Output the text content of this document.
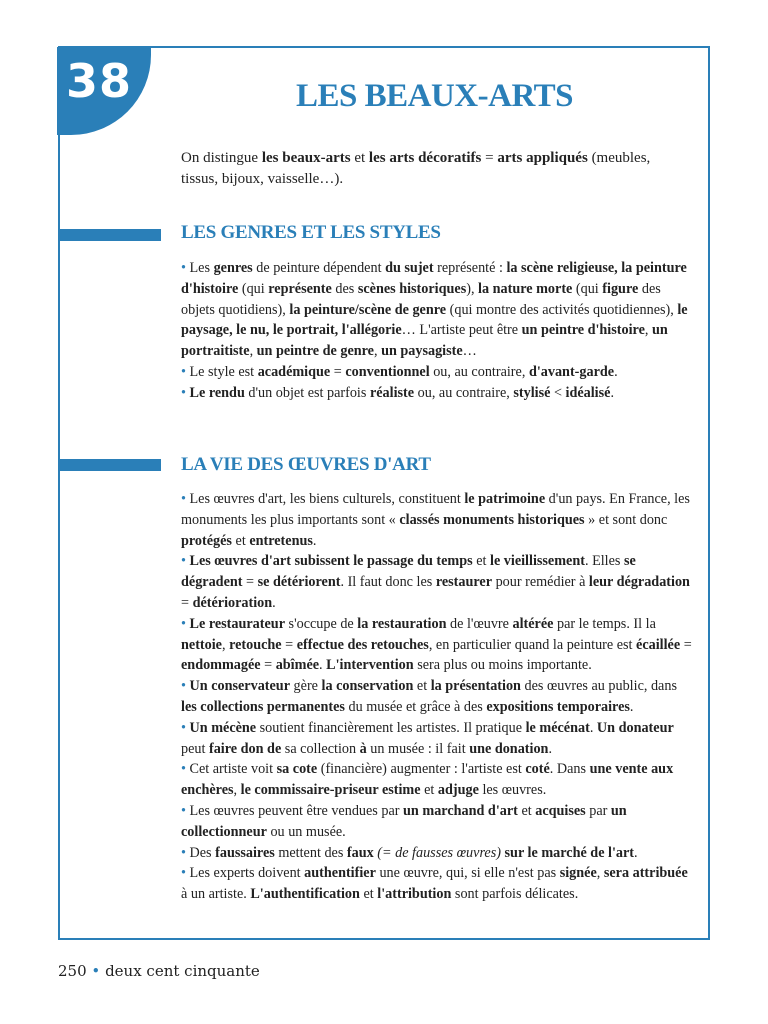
38	LES BEAUX-ARTS
On distingue les beaux-arts et les arts décoratifs = arts appliqués (meubles, tissus, bijoux, vaisselle…).
LES GENRES ET LES STYLES

• Les genres de peinture dépendent du sujet représenté : la scène religieuse, la peinture d'histoire (qui représente des scènes historiques), la nature morte (qui figure des objets quotidiens), la peinture/scène de genre (qui montre des activités quotidiennes), le paysage, le nu, le portrait, l'allégorie… L'artiste peut être un peintre d'histoire, un portraitiste, un peintre de genre, un paysagiste…

• Le style est académique = conventionnel ou, au contraire, d'avant-garde.

• Le rendu d'un objet est parfois réaliste ou, au contraire, stylisé < idéalisé.

LA VIE DES ŒUVRES D'ART

• Les œuvres d'art, les biens culturels, constituent le patrimoine d'un pays. En France, les monuments les plus importants sont « classés monuments historiques » et sont donc protégés et entretenus.

• Les œuvres d'art subissent le passage du temps et le vieillissement. Elles se dégradent = se détériorent. Il faut donc les restaurer pour remédier à leur dégradation = détérioration.

• Le restaurateur s'occupe de la restauration de l'œuvre altérée par le temps. Il la nettoie, retouche = effectue des retouches, en particulier quand la peinture est écaillée = endommagée = abîmée. L'intervention sera plus ou moins importante.

• Un conservateur gère la conservation et la présentation des œuvres au public, dans les collections permanentes du musée et grâce à des expositions temporaires.

• Un mécène soutient financièrement les artistes. Il pratique le mécénat. Un donateur peut faire don de sa collection à un musée : il fait une donation.

• Cet artiste voit sa cote (financière) augmenter : l'artiste est coté. Dans une vente aux enchères, le commissaire-priseur estime et adjuge les œuvres.

• Les œuvres peuvent être vendues par un marchand d'art et acquises par un collectionneur ou un musée.

• Des faussaires mettent des faux (= de fausses œuvres) sur le marché de l'art.

• Les experts doivent authentifier une œuvre, qui, si elle n'est pas signée, sera attribuée à un artiste. L'authentification et l'attribution sont parfois délicates.

250 • deux cent cinquante
